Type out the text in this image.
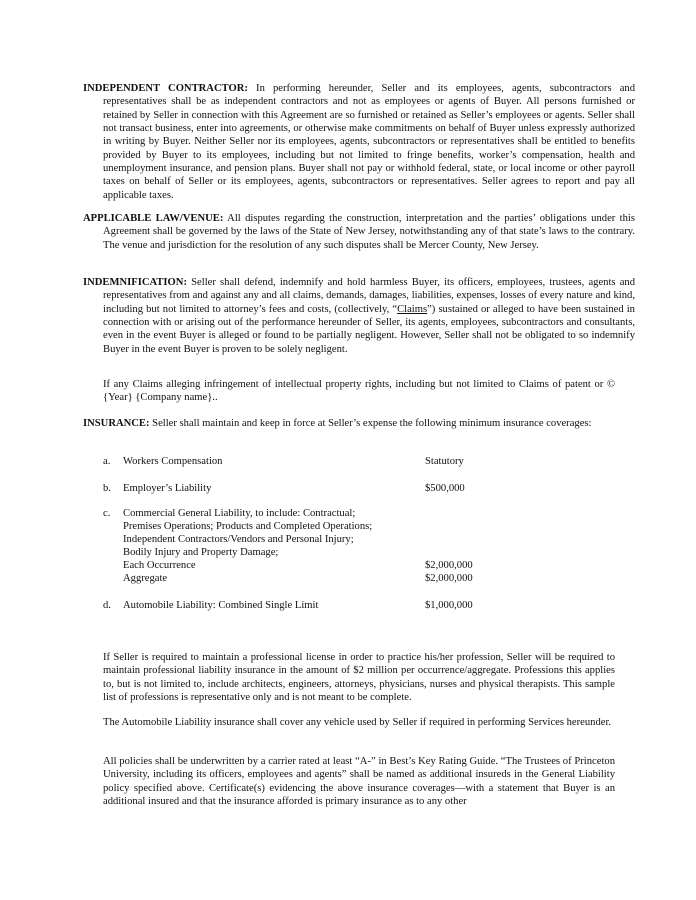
INDEPENDENT CONTRACTOR: In performing hereunder, Seller and its employees, agents, subcontractors and representatives shall be as independent contractors and not as employees or agents of Buyer. All persons furnished or retained by Seller in connection with this Agreement are so furnished or retained as Seller’s employees or agents. Seller shall not transact business, enter into agreements, or otherwise make commitments on behalf of Buyer unless expressly authorized in writing by Buyer. Neither Seller nor its employees, agents, subcontractors or representatives shall be entitled to benefits provided by Buyer to its employees, including but not limited to fringe benefits, worker’s compensation, health and unemployment insurance, and pension plans. Buyer shall not pay or withhold federal, state, or local income or other payroll taxes on behalf of Seller or its employees, agents, subcontractors or representatives. Seller agrees to report and pay all applicable taxes.
APPLICABLE LAW/VENUE: All disputes regarding the construction, interpretation and the parties’ obligations under this Agreement shall be governed by the laws of the State of New Jersey, notwithstanding any of that state’s laws to the contrary. The venue and jurisdiction for the resolution of any such disputes shall be Mercer County, New Jersey.
INDEMNIFICATION: Seller shall defend, indemnify and hold harmless Buyer, its officers, employees, trustees, agents and representatives from and against any and all claims, demands, damages, liabilities, expenses, losses of every nature and kind, including but not limited to attorney’s fees and costs, (collectively, “Claims”) sustained or alleged to have been sustained in connection with or arising out of the performance hereunder of Seller, its agents, employees, subcontractors and consultants, even in the event Buyer is alleged or found to be partially negligent. However, Seller shall not be obligated to so indemnify Buyer in the event Buyer is proven to be solely negligent.
If any Claims alleging infringement of intellectual property rights, including but not limited to Claims of patent or © {Year} {Company name}..
INSURANCE: Seller shall maintain and keep in force at Seller’s expense the following minimum insurance coverages:
a. Workers Compensation	Statutory
b. Employer’s Liability	$500,000
c. Commercial General Liability, to include: Contractual;
Premises Operations; Products and Completed Operations;
Independent Contractors/Vendors and Personal Injury;
Bodily Injury and Property Damage;
Each Occurrence	$2,000,000
Aggregate	$2,000,000
d. Automobile Liability: Combined Single Limit	$1,000,000
If Seller is required to maintain a professional license in order to practice his/her profession, Seller will be required to maintain professional liability insurance in the amount of $2 million per occurrence/aggregate. Professions this applies to, but is not limited to, include architects, engineers, attorneys, physicians, nurses and physical therapists. This sample list of professions is representative only and is not meant to be complete.
The Automobile Liability insurance shall cover any vehicle used by Seller if required in performing Services hereunder.
All policies shall be underwritten by a carrier rated at least “A-” in Best’s Key Rating Guide. “The Trustees of Princeton University, including its officers, employees and agents” shall be named as additional insureds in the General Liability policy specified above. Certificate(s) evidencing the above insurance coverages—with a statement that Buyer is an additional insured and that the insurance afforded is primary insurance as to any other
